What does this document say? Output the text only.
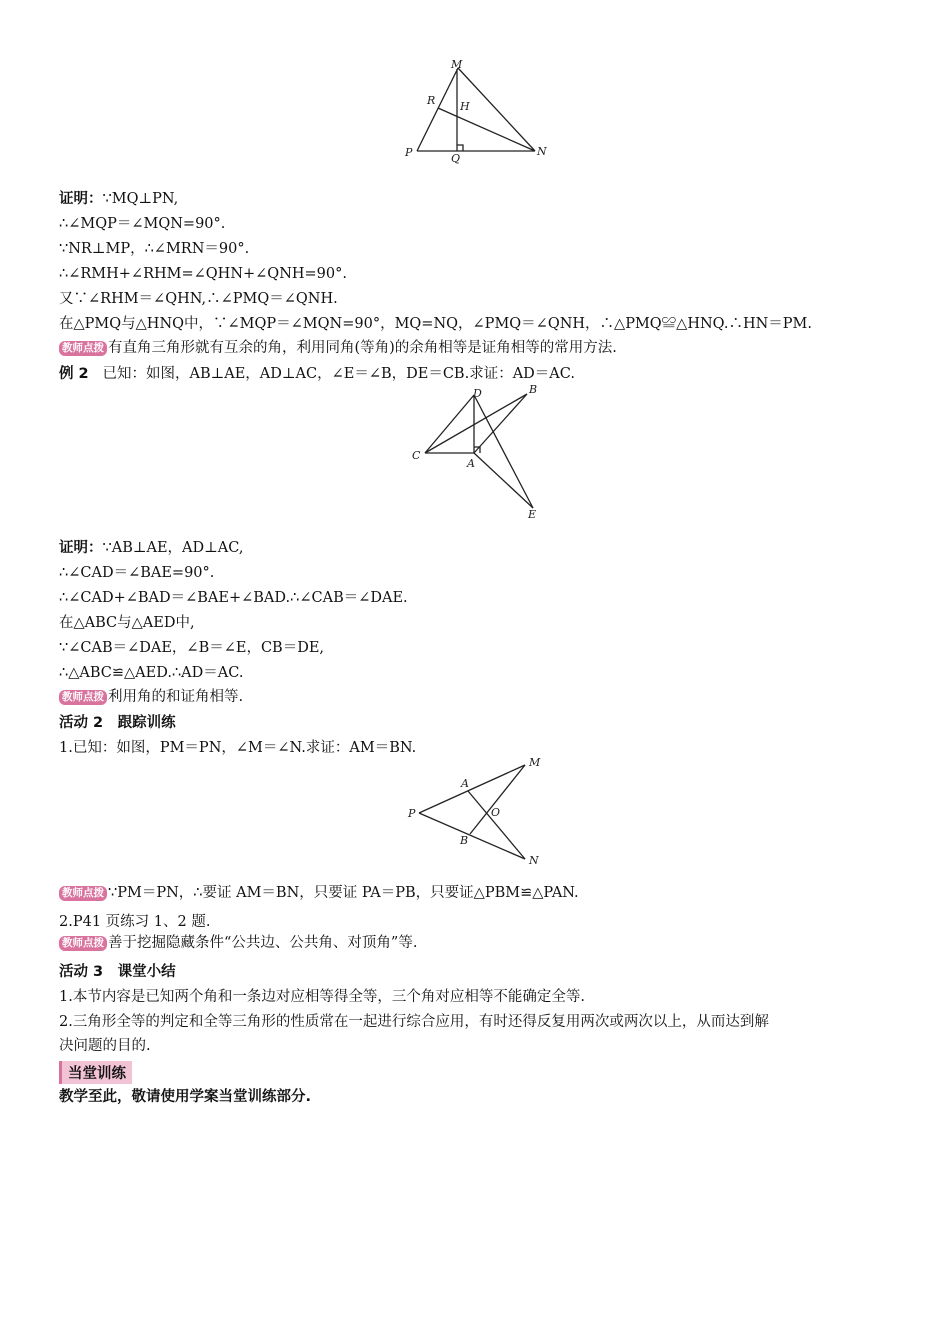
M
R H
P	Q
N
证明：∵MQ⊥PN,
∴∠MQP＝∠MQN=90°.
∵NR⊥MP，∴∠MRN＝90°.
∴∠RMH+∠RHM=∠QHN+∠QNH=90°.
又∵∠RHM＝∠QHN,∴∠PMQ＝∠QNH.
在△PMQ与△HNQ中，∵∠MQP＝∠MQN=90°，MQ=NQ，∠PMQ＝∠QNH，∴△PMQ≌△HNQ.∴HN＝PM.
教师点拨 有直角三角形就有互余的角，利用同角(等角)的余角相等是证角相等的常用方法.
例 2 已知：如图，AB⊥AE，AD⊥AC，∠E＝∠B，DE＝CB.求证：AD＝AC.
D	B
C
A
E
证明：∵AB⊥AE，AD⊥AC,
∴∠CAD＝∠BAE=90°.
∴∠CAD+∠BAD＝∠BAE+∠BAD.∴∠CAB＝∠DAE.
在△ABC与△AED中,
∵∠CAB＝∠DAE，∠B＝∠E，CB＝DE,
∴△ABC≌△AED.∴AD＝AC.
教师点拨 利用角的和证角相等.
活动 2　跟踪训练
1.已知：如图，PM＝PN，∠M＝∠N.求证：AM＝BN.
M
A
P	O
B
N
教师点拨 ∵PM＝PN，∴要证 AM＝BN，只要证 PA＝PB，只要证△PBM≌△PAN.
2.P41 页练习 1、2 题.
教师点拨 善于挖掘隐藏条件“公共边、公共角、对顶角”等.
活动 3　课堂小结
1.本节内容是已知两个角和一条边对应相等得全等，三个角对应相等不能确定全等.
2.三角形全等的判定和全等三角形的性质常在一起进行综合应用，有时还得反复用两次或两次以上，从而达到解
决问题的目的.
当堂训练
教学至此，敬请使用学案当堂训练部分.
